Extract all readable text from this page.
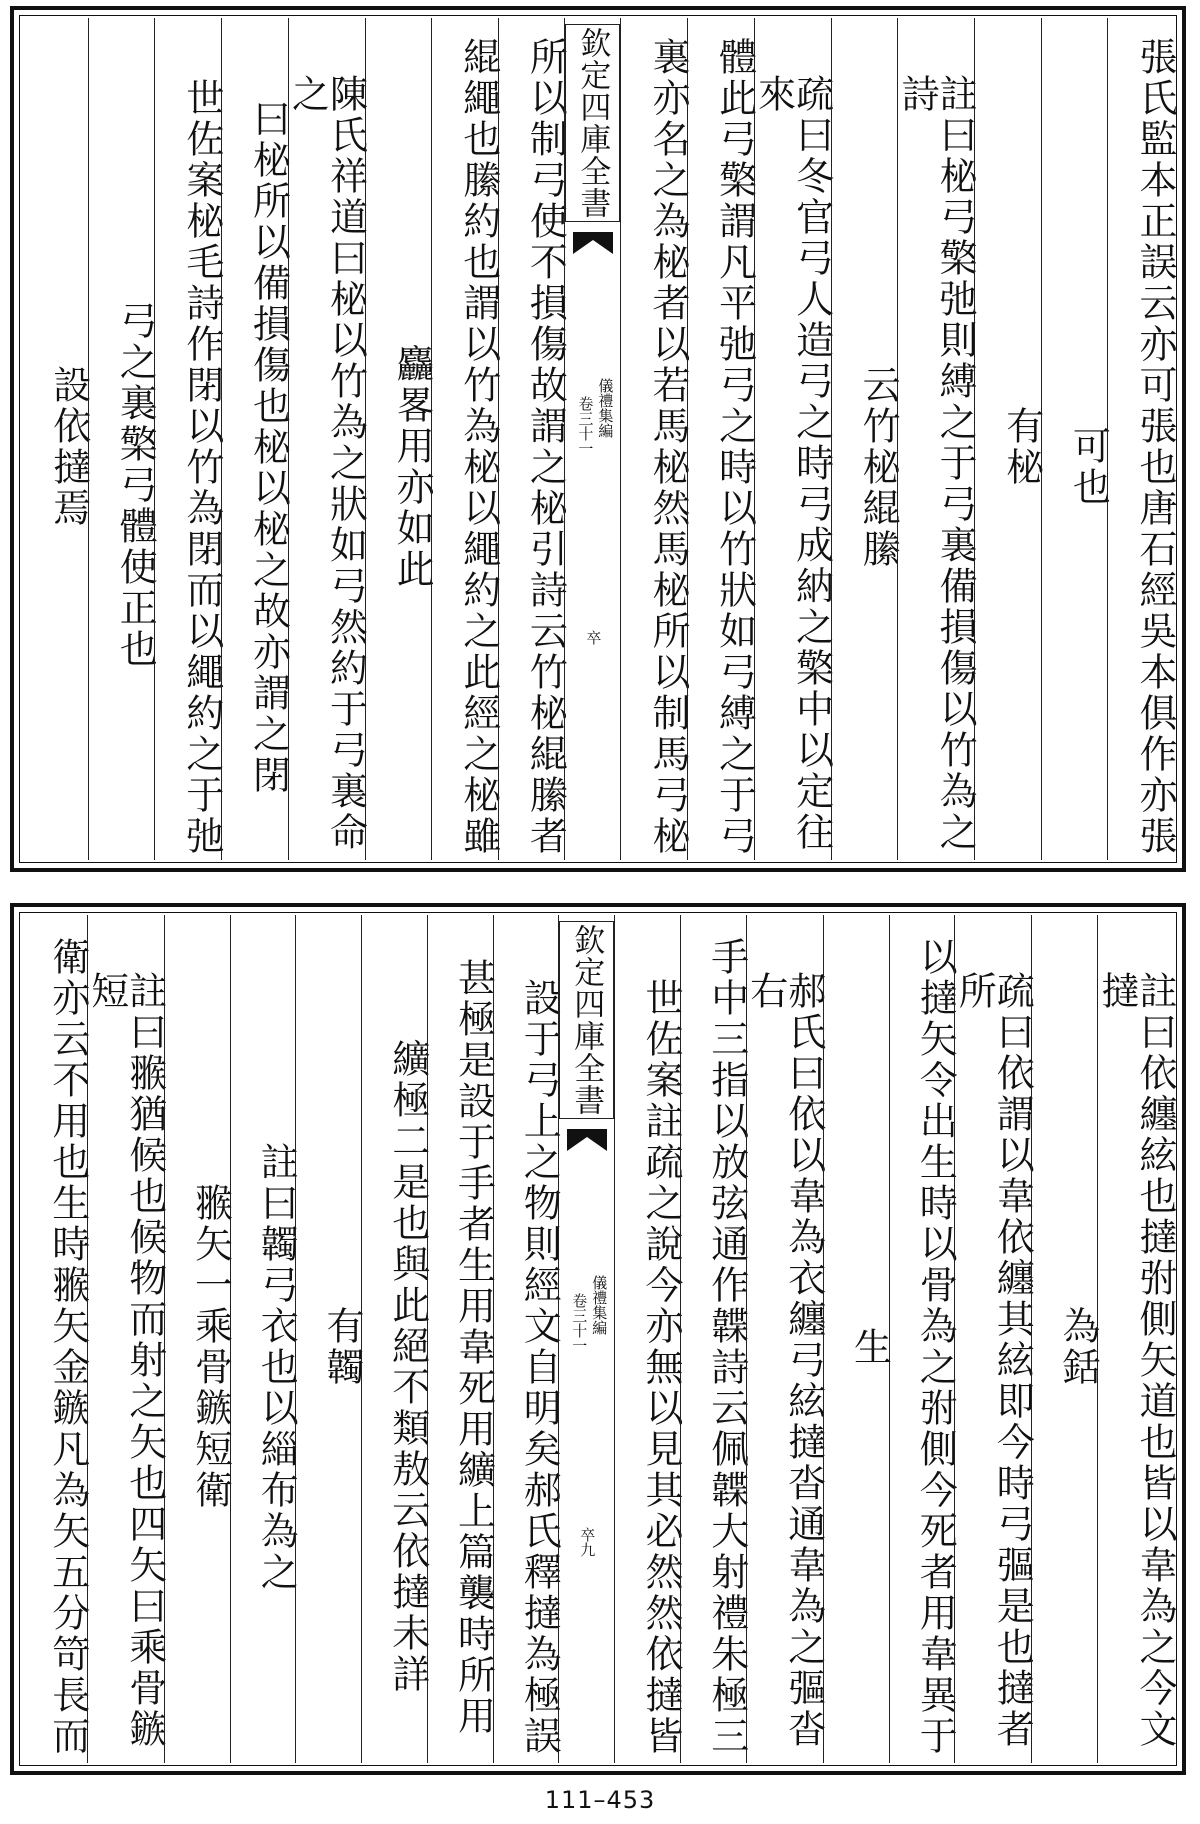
張氏監本正誤云亦可張也唐石經吳本俱作亦張
可也
有柲
註曰柲弓檠弛則縛之于弓裏備損傷以竹為之詩
云竹柲緄縢
疏曰冬官弓人造弓之時弓成納之檠中以定往來
體此弓檠謂凡平弛弓之時以竹狀如弓縛之于弓
裏亦名之為柲者以若馬柲然馬柲所以制馬弓柲
欽定四庫全書
儀禮集編
卷三十一
卒
所以制弓使不損傷故謂之柲引詩云竹柲緄縢者
緄繩也縢約也謂以竹為柲以繩約之此經之柲雖
麤畧用亦如此
陳氏祥道曰柲以竹為之狀如弓然約于弓裏命之
曰柲所以備損傷也柲以柲之故亦謂之閉
世佐案柲毛詩作閉以竹為閉而以繩約之于弛
弓之裏檠弓體使正也
設依撻焉
註曰依纏絃也撻弣側矢道也皆以韋為之今文撻
為銛
疏曰依謂以韋依纏其絃即今時弓彄是也撻者所
以撻矢令出生時以骨為之弣側今死者用韋異于
生
郝氏曰依以韋為衣纏弓絃撻沓通韋為之彄沓右
手中三指以放弦通作韘詩云佩韘大射禮朱極三
世佐案註疏之說今亦無以見其必然然依撻皆
欽定四庫全書
儀禮集編
卷三十一
卒九
設于弓上之物則經文自明矣郝氏釋撻為極誤
甚極是設于手者生用韋死用纊上篇襲時所用
纊極二是也與此絕不類敖云依撻未詳
有韣
註曰韣弓衣也以緇布為之
翭矢一乘骨鏃短衛
註曰翭猶候也候物而射之矢也四矢曰乘骨鏃短
衛亦云不用也生時翭矢金鏃凡為矢五分笴長而
111–453
